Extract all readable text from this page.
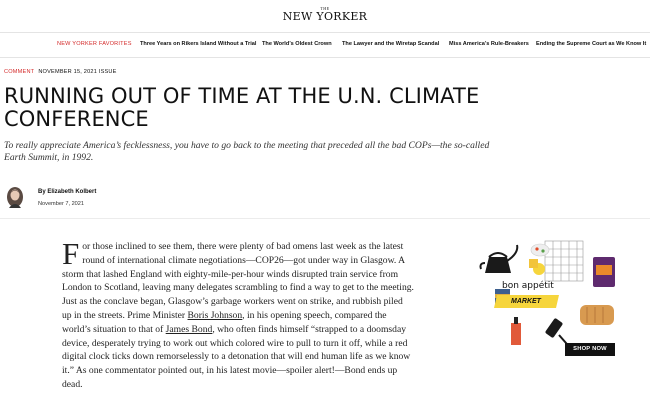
THE
NEW YORKER
NEW YORKER FAVORITES Three Years on Rikers Island Without a Trial The World’s Oldest Crown The Lawyer and the Wiretap Scandal Miss America’s Rule-Breakers Ending the Supreme Court as We Know It
COMMENT NOVEMBER 15, 2021 ISSUE
RUNNING OUT OF TIME AT THE U.N. CLIMATE CONFERENCE

To really appreciate America’s fecklessness, you have to go back to the meeting that preceded all the bad COPs—the so-called Earth Summit, in 1992.

By Elizabeth Kolbert
November 7, 2021

For those inclined to see them, there were plenty of bad omens last week as the latest round of international climate negotiations—COP26—got under way in Glasgow. A storm that lashed England with eighty-mile-per-hour winds disrupted train service from London to Scotland, leaving many delegates scrambling to find a way to get to the meeting. Just as the conclave began, Glasgow’s garbage workers went on strike, and rubbish piled up in the streets. Prime Minister Boris Johnson, in his opening speech, compared the world’s situation to that of James Bond, who often finds himself “strapped to a doomsday device, desperately trying to work out which colored wire to pull to turn it off, while a red digital clock ticks down remorselessly to a detonation that will end human life as we know it.” As one commentator pointed out, in his latest movie—spoiler alert!—Bond ends up dead.

bon appétit
MARKET
SHOP NOW
